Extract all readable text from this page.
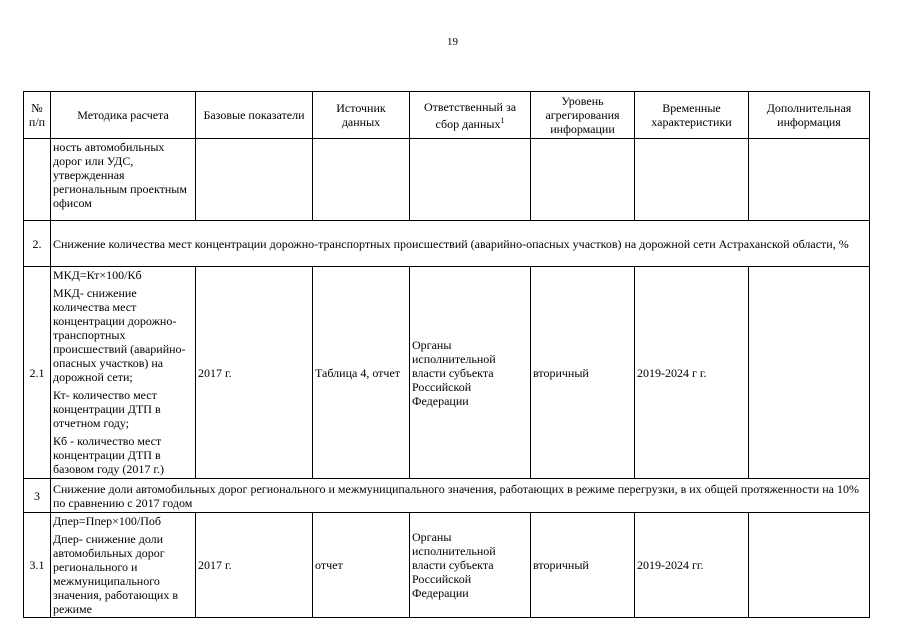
19
№ п/п	Методика расчета	Базовые показатели	Источник данных	Ответственный за сбор данных$^1$	Уровень агрегирования информации	Временные характеристики	Дополнительная информация
	ность автомобильных дорог или УДС, утвержденная региональным проектным офисом						
2.	Снижение количества мест концентрации дорожно-транспортных происшествий (аварийно-опасных участков) на дорожной сети Астраханской области, %						
2.1	МКД=Кт×100/Кб
МКД- снижение количества мест концентрации дорожно-транспортных происшествий (аварийно-опасных участков) на дорожной сети;
Кт- количество мест концентрации ДТП в отчетном году;
Кб - количество мест концентрации ДТП в базовом году (2017 г.)	2017 г.	Таблица 4, отчет	Органы исполнительной власти субъекта Российской Федерации	вторичный	2019-2024 г г.	
3	Снижение доли автомобильных дорог регионального и межмуниципального значения, работающих в режиме перегрузки, в их общей протяженности на 10% по сравнению с 2017 годом						
3.1	Дпер=Ппер×100/Поб
Дпер- снижение доли автомобильных дорог регионального и межмуниципального значения, работающих в режиме	2017 г.	отчет	Органы исполнительной власти субъекта Российской Федерации	вторичный	2019-2024 гг.	
